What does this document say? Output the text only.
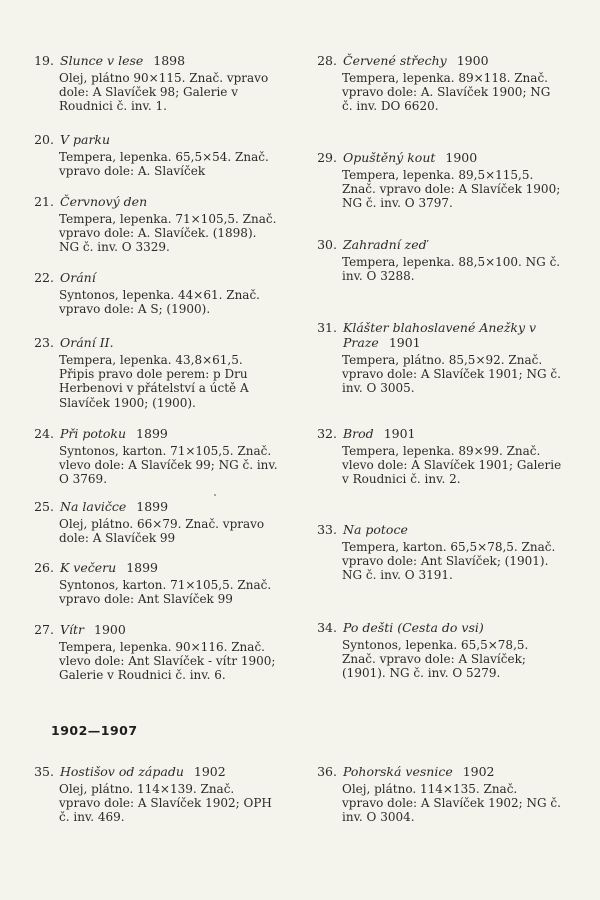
19. Slunce v lese 1898
Olej, plátno 90×115. Znač. vpravo dole: A Slavíček 98; Galerie v Roudnici č. inv. 1.
20. V parku
Tempera, lepenka. 65,5×54. Znač. vpravo dole: A. Slavíček
21. Červnový den
Tempera, lepenka. 71×105,5. Znač. vpravo dole: A. Slavíček. (1898). NG č. inv. O 3329.
22. Orání
Syntonos, lepenka. 44×61. Znač. vpravo dole: A S; (1900).
23. Orání II.
Tempera, lepenka. 43,8×61,5. Připis pravo dole perem: p Dru Herbenovi v přátelství a úctě A Slavíček 1900; (1900).
24. Při potoku 1899
Syntonos, karton. 71×105,5. Znač. vlevo dole: A Slavíček 99; NG č. inv. O 3769.
25. Na lavičce 1899
Olej, plátno. 66×79. Znač. vpravo dole: A Slavíček 99
26. K večeru 1899
Syntonos, karton. 71×105,5. Znač. vpravo dole: Ant Slavíček 99
27. Vítr 1900
Tempera, lepenka. 90×116. Znač. vlevo dole: Ant Slavíček - vítr 1900; Galerie v Roudnici č. inv. 6.
35. Hostišov od západu 1902
Olej, plátno. 114×139. Znač. vpravo dole: A Slavíček 1902; OPH č. inv. 469.
28. Červené střechy 1900
Tempera, lepenka. 89×118. Znač. vpravo dole: A. Slavíček 1900; NG č. inv. DO 6620.
29. Opuštěný kout 1900
Tempera, lepenka. 89,5×115,5. Znač. vpravo dole: A Slavíček 1900; NG č. inv. O 3797.
30. Zahradní zeď
Tempera, lepenka. 88,5×100. NG č. inv. O 3288.
31. Klášter blahoslavené Anežky v Praze 1901
Tempera, plátno. 85,5×92. Znač. vpravo dole: A Slavíček 1901; NG č. inv. O 3005.
32. Brod 1901
Tempera, lepenka. 89×99. Znač. vlevo dole: A Slavíček 1901; Galerie v Roudnici č. inv. 2.
33. Na potoce
Tempera, karton. 65,5×78,5. Znač. vpravo dole: Ant Slavíček; (1901). NG č. inv. O 3191.
34. Po dešti (Cesta do vsi)
Syntonos, lepenka. 65,5×78,5. Znač. vpravo dole: A Slavíček; (1901). NG č. inv. O 5279.
36. Pohorská vesnice 1902
Olej, plátno. 114×135. Znač. vpravo dole: A Slavíček 1902; NG č. inv. O 3004.
1902—1907
